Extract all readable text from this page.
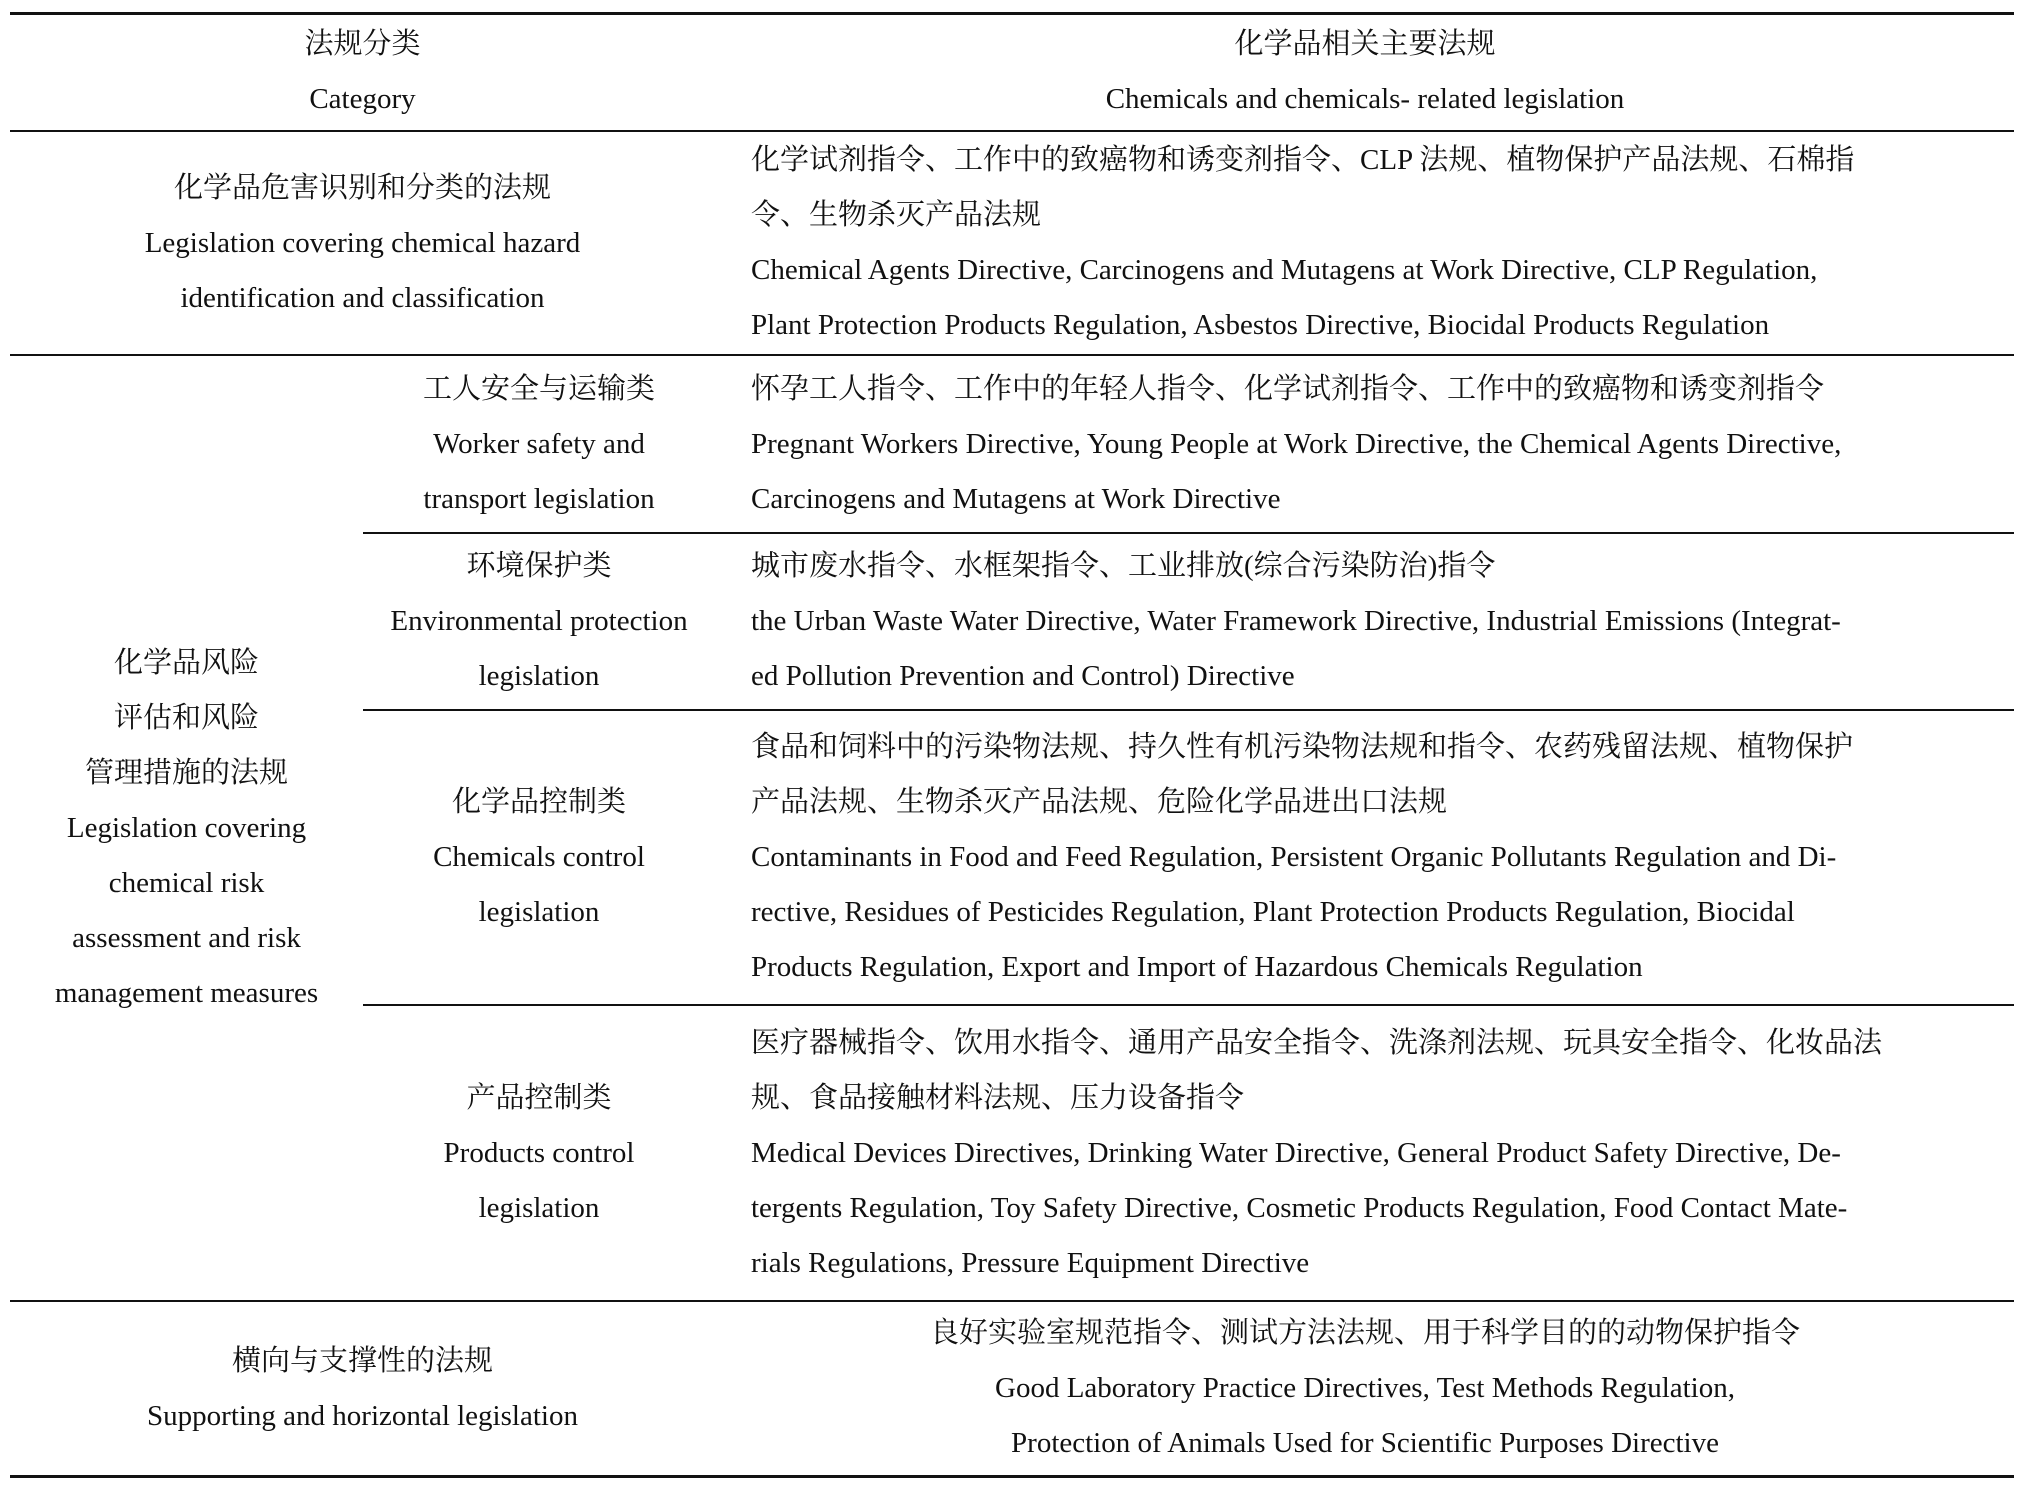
法规分类
Category
化学品相关主要法规
Chemicals and chemicals- related legislation
化学品危害识别和分类的法规
Legislation covering chemical hazard
identification and classification
化学试剂指令、工作中的致癌物和诱变剂指令、CLP 法规、植物保护产品法规、石棉指
令、生物杀灭产品法规
Chemical Agents Directive, Carcinogens and Mutagens at Work Directive, CLP Regulation,
Plant Protection Products Regulation, Asbestos Directive, Biocidal Products Regulation
化学品风险
评估和风险
管理措施的法规
Legislation covering
chemical risk
assessment and risk
management measures
工人安全与运输类
Worker safety and
transport legislation
怀孕工人指令、工作中的年轻人指令、化学试剂指令、工作中的致癌物和诱变剂指令
Pregnant Workers Directive, Young People at Work Directive, the Chemical Agents Directive,
Carcinogens and Mutagens at Work Directive
环境保护类
Environmental protection
legislation
城市废水指令、水框架指令、工业排放(综合污染防治)指令
the Urban Waste Water Directive, Water Framework Directive, Industrial Emissions (Integrat-
ed Pollution Prevention and Control) Directive
化学品控制类
Chemicals control
legislation
食品和饲料中的污染物法规、持久性有机污染物法规和指令、农药残留法规、植物保护
产品法规、生物杀灭产品法规、危险化学品进出口法规
Contaminants in Food and Feed Regulation, Persistent Organic Pollutants Regulation and Di-
rective, Residues of Pesticides Regulation, Plant Protection Products Regulation, Biocidal
Products Regulation, Export and Import of Hazardous Chemicals Regulation
产品控制类
Products control
legislation
医疗器械指令、饮用水指令、通用产品安全指令、洗涤剂法规、玩具安全指令、化妆品法
规、食品接触材料法规、压力设备指令
Medical Devices Directives, Drinking Water Directive, General Product Safety Directive, De-
tergents Regulation, Toy Safety Directive, Cosmetic Products Regulation, Food Contact Mate-
rials Regulations, Pressure Equipment Directive
横向与支撑性的法规
Supporting and horizontal legislation
良好实验室规范指令、测试方法法规、用于科学目的的动物保护指令
Good Laboratory Practice Directives, Test Methods Regulation,
Protection of Animals Used for Scientific Purposes Directive
